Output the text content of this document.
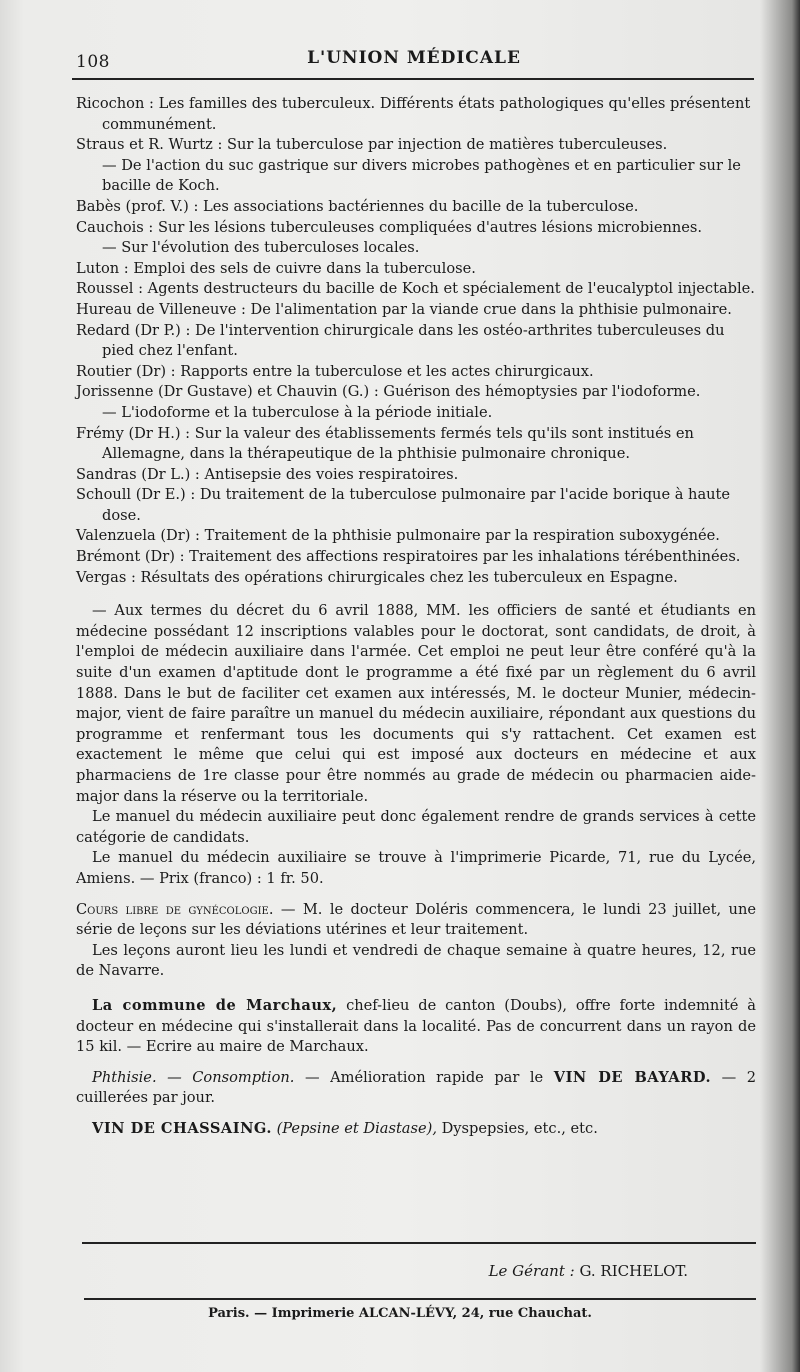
108	L'UNION MÉDICALE

Ricochon : Les familles des tuberculeux. Différents états pathologiques qu'elles présentent communément.

Straus et R. Wurtz : Sur la tuberculose par injection de matières tuberculeuses.

— De l'action du suc gastrique sur divers microbes pathogènes et en particulier sur le bacille de Koch.

Babès (prof. V.) : Les associations bactériennes du bacille de la tuberculose.

Cauchois : Sur les lésions tuberculeuses compliquées d'autres lésions microbiennes.

— Sur l'évolution des tuberculoses locales.

Luton : Emploi des sels de cuivre dans la tuberculose.

Roussel : Agents destructeurs du bacille de Koch et spécialement de l'eucalyptol injectable.

Hureau de Villeneuve : De l'alimentation par la viande crue dans la phthisie pulmonaire.

Redard (Dr P.) : De l'intervention chirurgicale dans les ostéo-arthrites tuberculeuses du pied chez l'enfant.

Routier (Dr) : Rapports entre la tuberculose et les actes chirurgicaux.

Jorissenne (Dr Gustave) et Chauvin (G.) : Guérison des hémoptysies par l'iodoforme.

— L'iodoforme et la tuberculose à la période initiale.

Frémy (Dr H.) : Sur la valeur des établissements fermés tels qu'ils sont institués en Allemagne, dans la thérapeutique de la phthisie pulmonaire chronique.

Sandras (Dr L.) : Antisepsie des voies respiratoires.

Schoull (Dr E.) : Du traitement de la tuberculose pulmonaire par l'acide borique à haute dose.

Valenzuela (Dr) : Traitement de la phthisie pulmonaire par la respiration suboxygénée.

Brémont (Dr) : Traitement des affections respiratoires par les inhalations térébenthinées.

Vergas : Résultats des opérations chirurgicales chez les tuberculeux en Espagne.

— Aux termes du décret du 6 avril 1888, MM. les officiers de santé et étudiants en médecine possédant 12 inscriptions valables pour le doctorat, sont candidats, de droit, à l'emploi de médecin auxiliaire dans l'armée. Cet emploi ne peut leur être conféré qu'à la suite d'un examen d'aptitude dont le programme a été fixé par un règlement du 6 avril 1888. Dans le but de faciliter cet examen aux intéressés, M. le docteur Munier, médecin-major, vient de faire paraître un manuel du médecin auxiliaire, répondant aux questions du programme et renfermant tous les documents qui s'y rattachent. Cet examen est exactement le même que celui qui est imposé aux docteurs en médecine et aux pharmaciens de 1re classe pour être nommés au grade de médecin ou pharmacien aide-major dans la réserve ou la territoriale.

Le manuel du médecin auxiliaire peut donc également rendre de grands services à cette catégorie de candidats.

Le manuel du médecin auxiliaire se trouve à l'imprimerie Picarde, 71, rue du Lycée, Amiens. — Prix (franco) : 1 fr. 50.

Cours libre de gynécologie. — M. le docteur Doléris commencera, le lundi 23 juillet, une série de leçons sur les déviations utérines et leur traitement.

Les leçons auront lieu les lundi et vendredi de chaque semaine à quatre heures, 12, rue de Navarre.

La commune de Marchaux, chef-lieu de canton (Doubs), offre forte indemnité à docteur en médecine qui s'installerait dans la localité. Pas de concurrent dans un rayon de 15 kil. — Ecrire au maire de Marchaux.

Phthisie. — Consomption. — Amélioration rapide par le VIN DE BAYARD. — 2 cuillerées par jour.

VIN DE CHASSAING. (Pepsine et Diastase), Dyspepsies, etc., etc.

Le Gérant : G. RICHELOT.
Paris. — Imprimerie ALCAN-LÉVY, 24, rue Chauchat.
